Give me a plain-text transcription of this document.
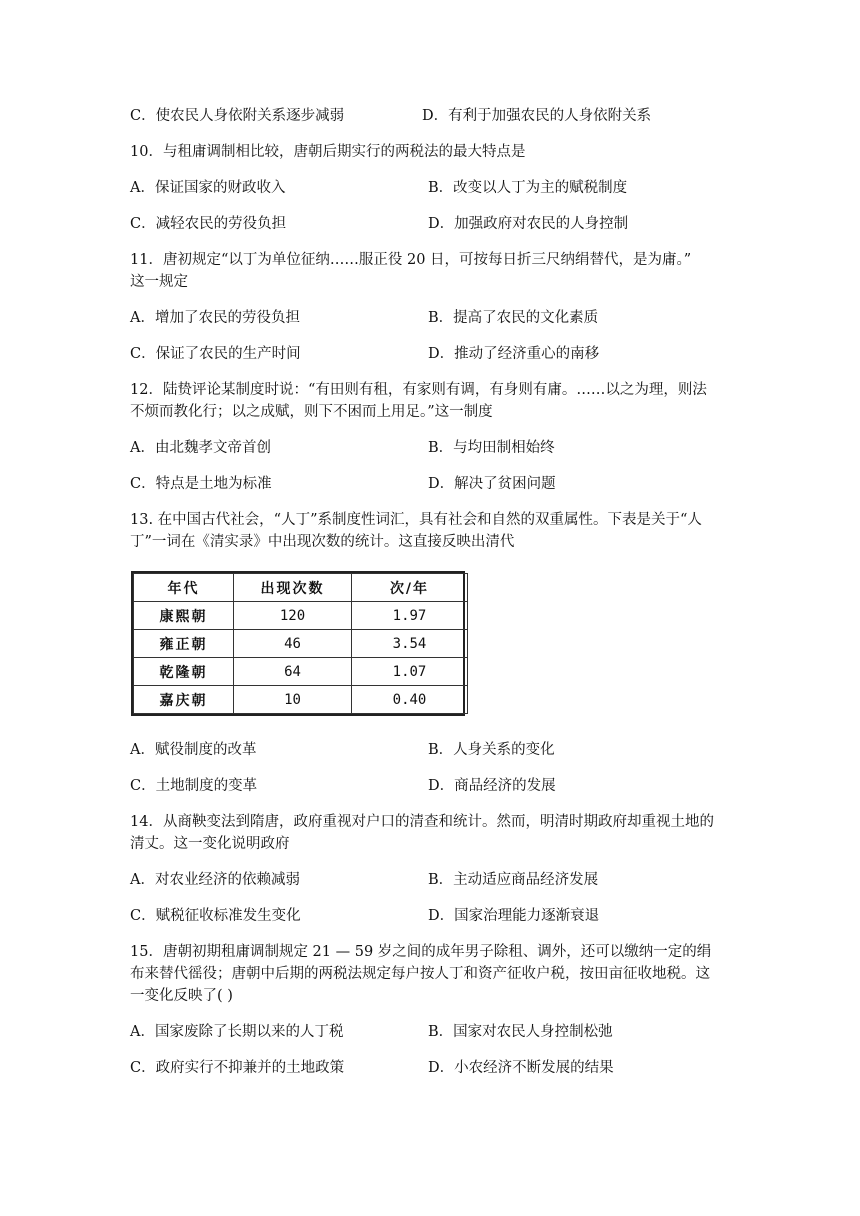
C．使农民人身依附关系逐步减弱	D．有利于加强农民的人身依附关系
10．与租庸调制相比较，唐朝后期实行的两税法的最大特点是
A．保证国家的财政收入	B．改变以人丁为主的赋税制度
C．减轻农民的劳役负担	D．加强政府对农民的人身控制
11．唐初规定“以丁为单位征纳……服正役 20 日，可按每日折三尺纳绢替代，是为庸。”
这一规定
A．增加了农民的劳役负担	B．提高了农民的文化素质
C．保证了农民的生产时间	D．推动了经济重心的南移
12．陆贽评论某制度时说：“有田则有租，有家则有调，有身则有庸。……以之为理，则法
不烦而教化行；以之成赋，则下不困而上用足。”这一制度
A．由北魏孝文帝首创	B．与均田制相始终
C．特点是土地为标准	D．解决了贫困问题
13. 在中国古代社会，“人丁”系制度性词汇，具有社会和自然的双重属性。下表是关于“人
丁”一词在《清实录》中出现次数的统计。这直接反映出清代
年代	出现次数	次/年
康熙朝	120	1.97
雍正朝	46	3.54
乾隆朝	64	1.07
嘉庆朝	10	0.40
A．赋役制度的改革	B．人身关系的变化
C．土地制度的变革	D．商品经济的发展
14．从商鞅变法到隋唐，政府重视对户口的清查和统计。然而，明清时期政府却重视土地的
清丈。这一变化说明政府
A．对农业经济的依赖减弱	B．主动适应商品经济发展
C．赋税征收标准发生变化	D．国家治理能力逐渐衰退
15．唐朝初期租庸调制规定 21 — 59 岁之间的成年男子除租、调外，还可以缴纳一定的绢
布来替代徭役；唐朝中后期的两税法规定每户按人丁和资产征收户税，按田亩征收地税。这
一变化反映了( )
A．国家废除了长期以来的人丁税	B．国家对农民人身控制松弛
C．政府实行不抑兼并的土地政策	D．小农经济不断发展的结果
